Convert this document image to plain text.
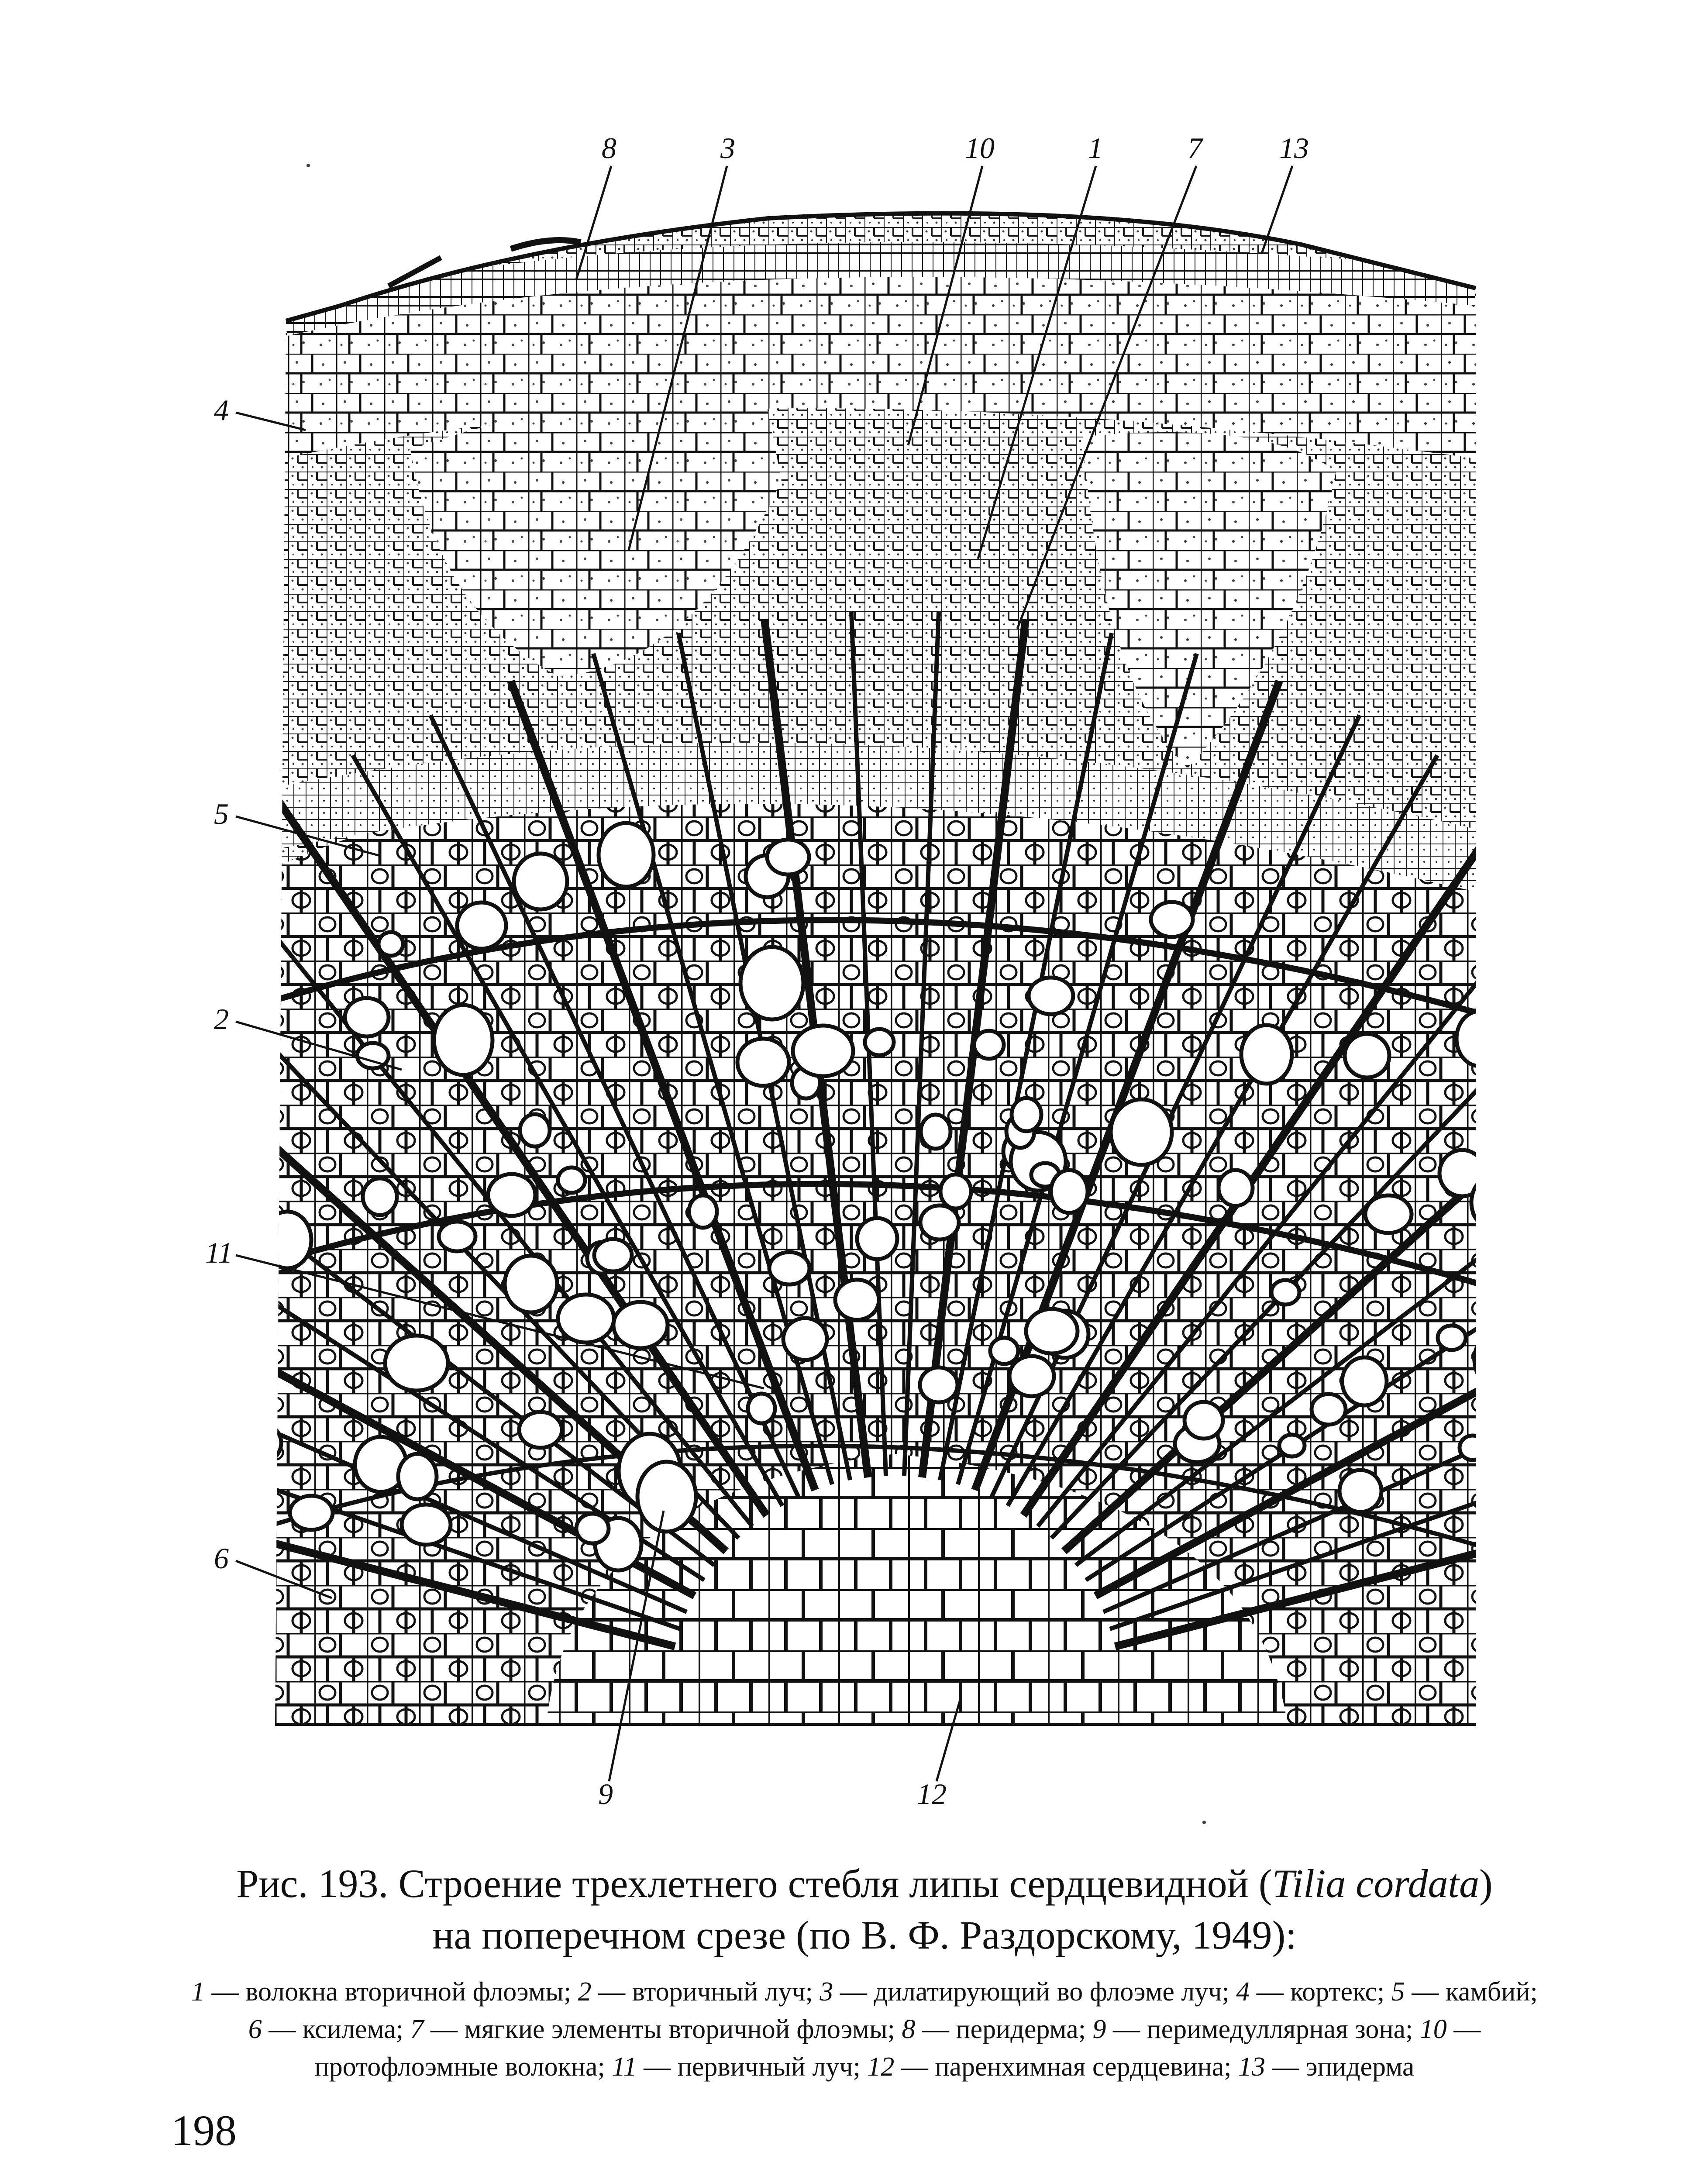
8	3	10	1	7	13
4
5
2
11
6
9	12

Рис. 193. Строение трехлетнего стебля липы сердцевидной (Tilia cordata)

на поперечном срезе (по В. Ф. Раздорскому, 1949):

1 — волокна вторичной флоэмы; 2 — вторичный луч; 3 — дилатирующий во флоэме луч; 4 — кортекс; 5 — камбий; 6 — ксилема; 7 — мягкие элементы вторичной флоэмы; 8 — перидерма; 9 — перимедуллярная зона; 10 — протофлоэмные волокна; 11 — первичный луч; 12 — паренхимная сердцевина; 13 — эпидерма

198
